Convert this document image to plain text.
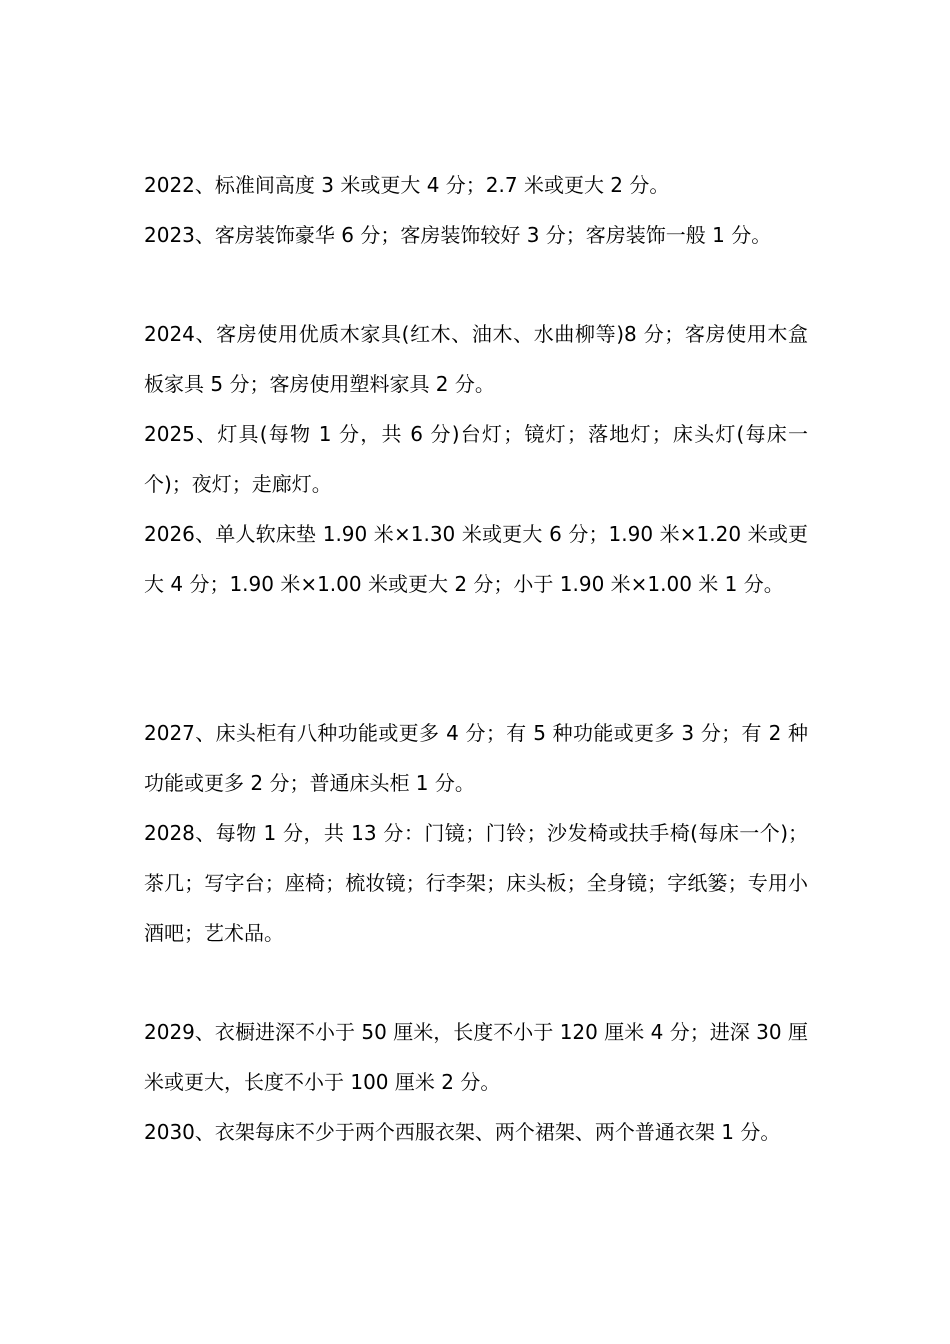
2022、标准间高度 3 米或更大 4 分；2.7 米或更大 2 分。

2023、客房装饰豪华 6 分；客房装饰较好 3 分；客房装饰一般 1 分。

2024、客房使用优质木家具(红木、油木、水曲柳等)8 分；客房使用木盒板家具 5 分；客房使用塑料家具 2 分。

2025、灯具(每物 1 分，共 6 分)台灯；镜灯；落地灯；床头灯(每床一个)；夜灯；走廊灯。

2026、单人软床垫 1.90 米×1.30 米或更大 6 分；1.90 米×1.20 米或更大 4 分；1.90 米×1.00 米或更大 2 分；小于 1.90 米×1.00 米 1 分。

2027、床头柜有八种功能或更多 4 分；有 5 种功能或更多 3 分；有 2 种功能或更多 2 分；普通床头柜 1 分。

2028、每物 1 分，共 13 分：门镜；门铃；沙发椅或扶手椅(每床一个)；茶几；写字台；座椅；梳妆镜；行李架；床头板；全身镜；字纸篓；专用小酒吧；艺术品。

2029、衣橱进深不小于 50 厘米，长度不小于 120 厘米 4 分；进深 30 厘米或更大，长度不小于 100 厘米 2 分。

2030、衣架每床不少于两个西服衣架、两个裙架、两个普通衣架 1 分。
